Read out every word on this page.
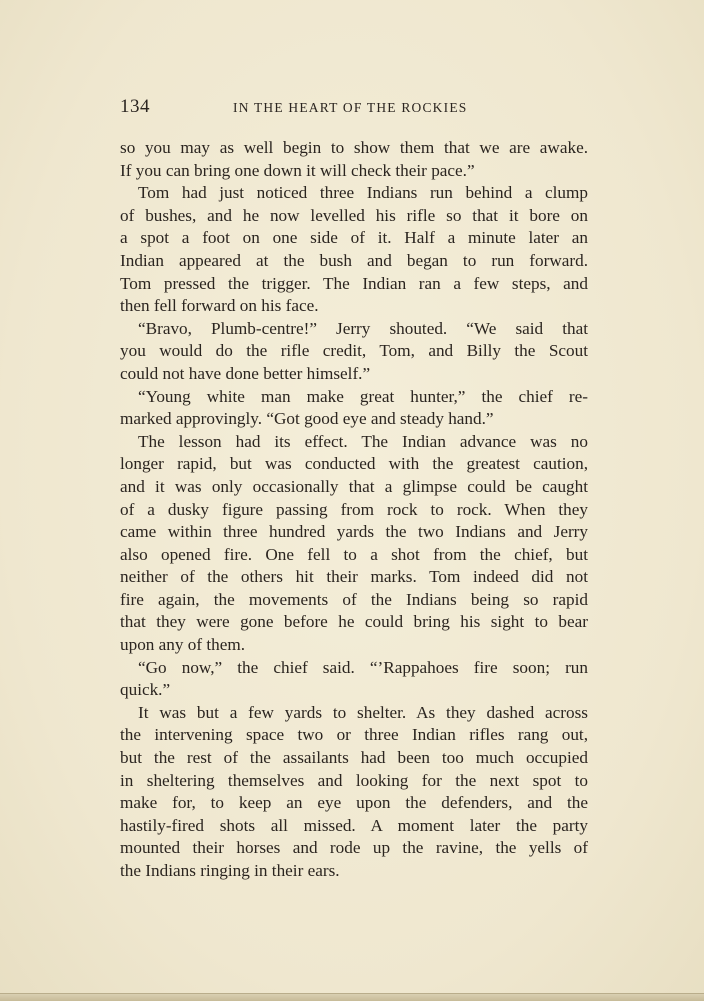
134	IN THE HEART OF THE ROCKIES
so you may as well begin to show them that we are awake.
If you can bring one down it will check their pace.”
Tom had just noticed three Indians run behind a clump
of bushes, and he now levelled his rifle so that it bore on
a spot a foot on one side of it. Half a minute later an
Indian appeared at the bush and began to run forward.
Tom pressed the trigger. The Indian ran a few steps, and
then fell forward on his face.
“Bravo, Plumb-centre!” Jerry shouted. “We said that
you would do the rifle credit, Tom, and Billy the Scout
could not have done better himself.”
“Young white man make great hunter,” the chief re-
marked approvingly. “Got good eye and steady hand.”
The lesson had its effect. The Indian advance was no
longer rapid, but was conducted with the greatest caution,
and it was only occasionally that a glimpse could be caught
of a dusky figure passing from rock to rock. When they
came within three hundred yards the two Indians and Jerry
also opened fire. One fell to a shot from the chief, but
neither of the others hit their marks. Tom indeed did not
fire again, the movements of the Indians being so rapid
that they were gone before he could bring his sight to bear
upon any of them.
“Go now,” the chief said. “’Rappahoes fire soon; run
quick.”
It was but a few yards to shelter. As they dashed across
the intervening space two or three Indian rifles rang out,
but the rest of the assailants had been too much occupied
in sheltering themselves and looking for the next spot to
make for, to keep an eye upon the defenders, and the
hastily-fired shots all missed. A moment later the party
mounted their horses and rode up the ravine, the yells of
the Indians ringing in their ears.
